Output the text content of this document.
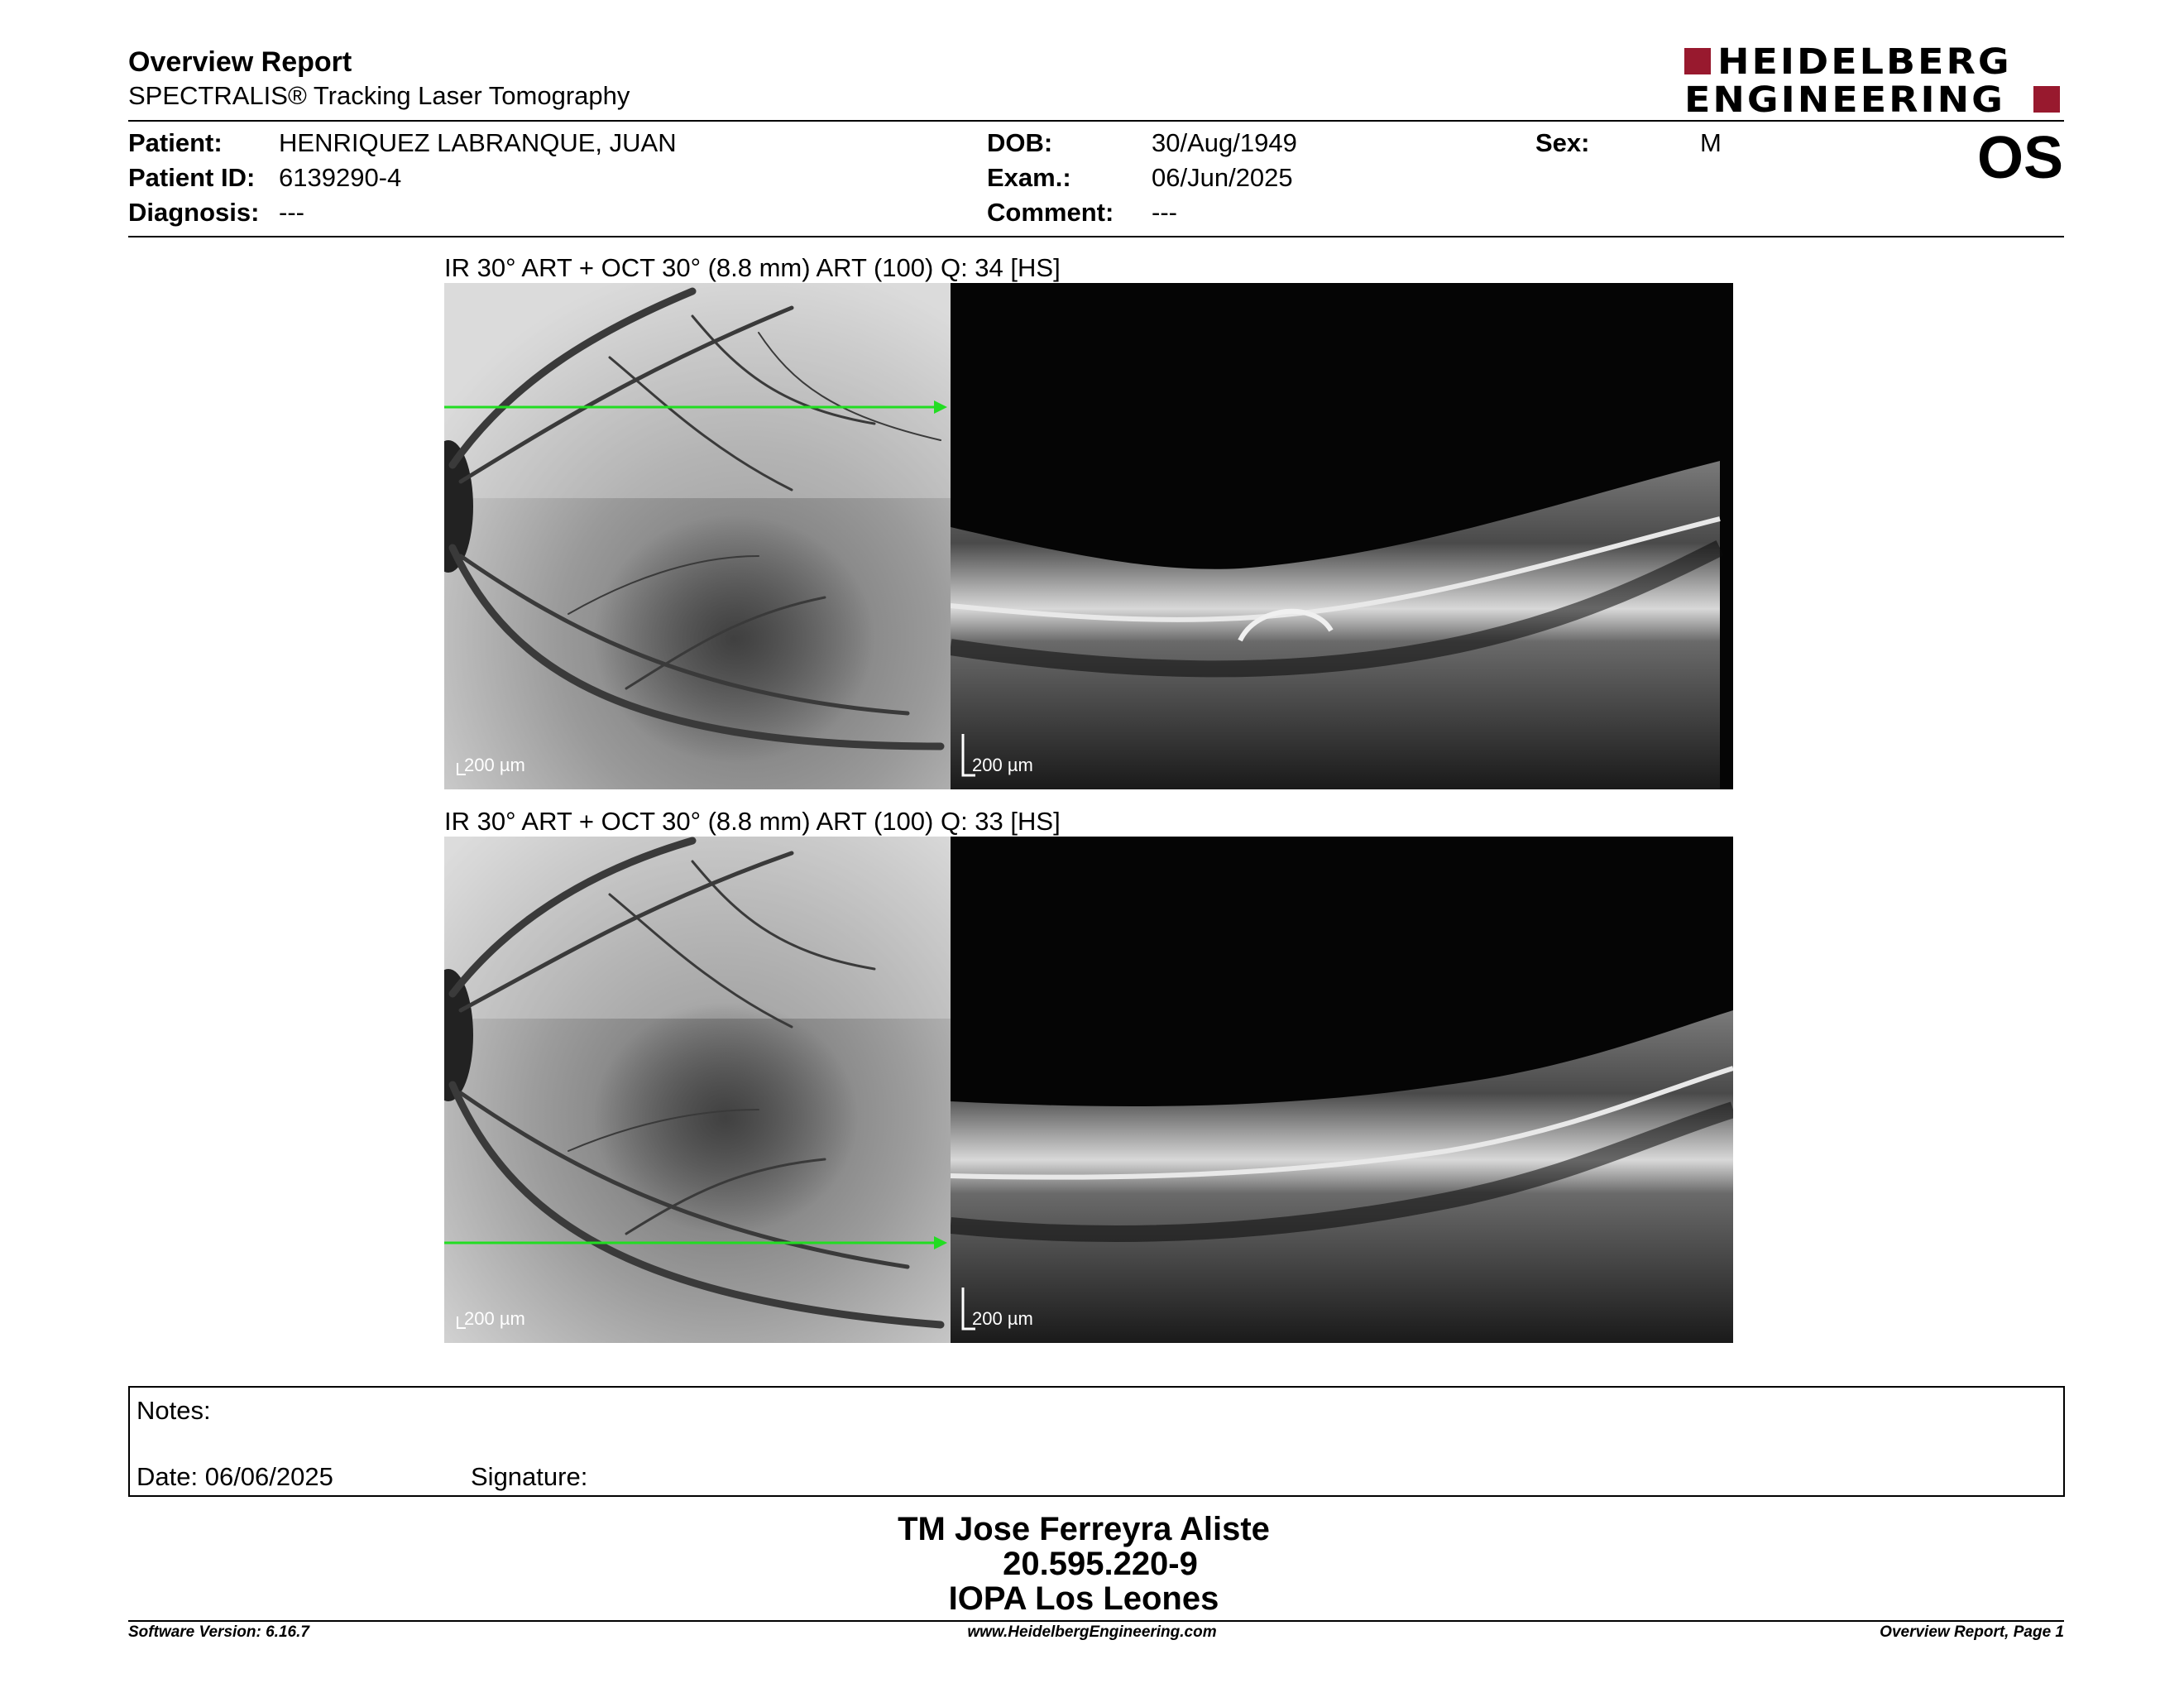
Overview Report
SPECTRALIS® Tracking Laser Tomography
HEIDELBERG
ENGINEERING
Patient: HENRIQUEZ LABRANQUE, JUAN
Patient ID: 6139290-4
Diagnosis: ---
DOB:	30/Aug/1949
Exam.:	06/Jun/2025
Comment: ---
Sex:	M	OS
IR 30° ART + OCT 30° (8.8 mm) ART (100) Q: 34 [HS]
200 µm	200 µm
IR 30° ART + OCT 30° (8.8 mm) ART (100) Q: 33 [HS]
200 µm	200 µm
Notes:
Date: 06/06/2025	Signature:
TM Jose Ferreyra Aliste
20.595.220-9
IOPA Los Leones
Software Version: 6.16.7	www.HeidelbergEngineering.com	Overview Report, Page 1
